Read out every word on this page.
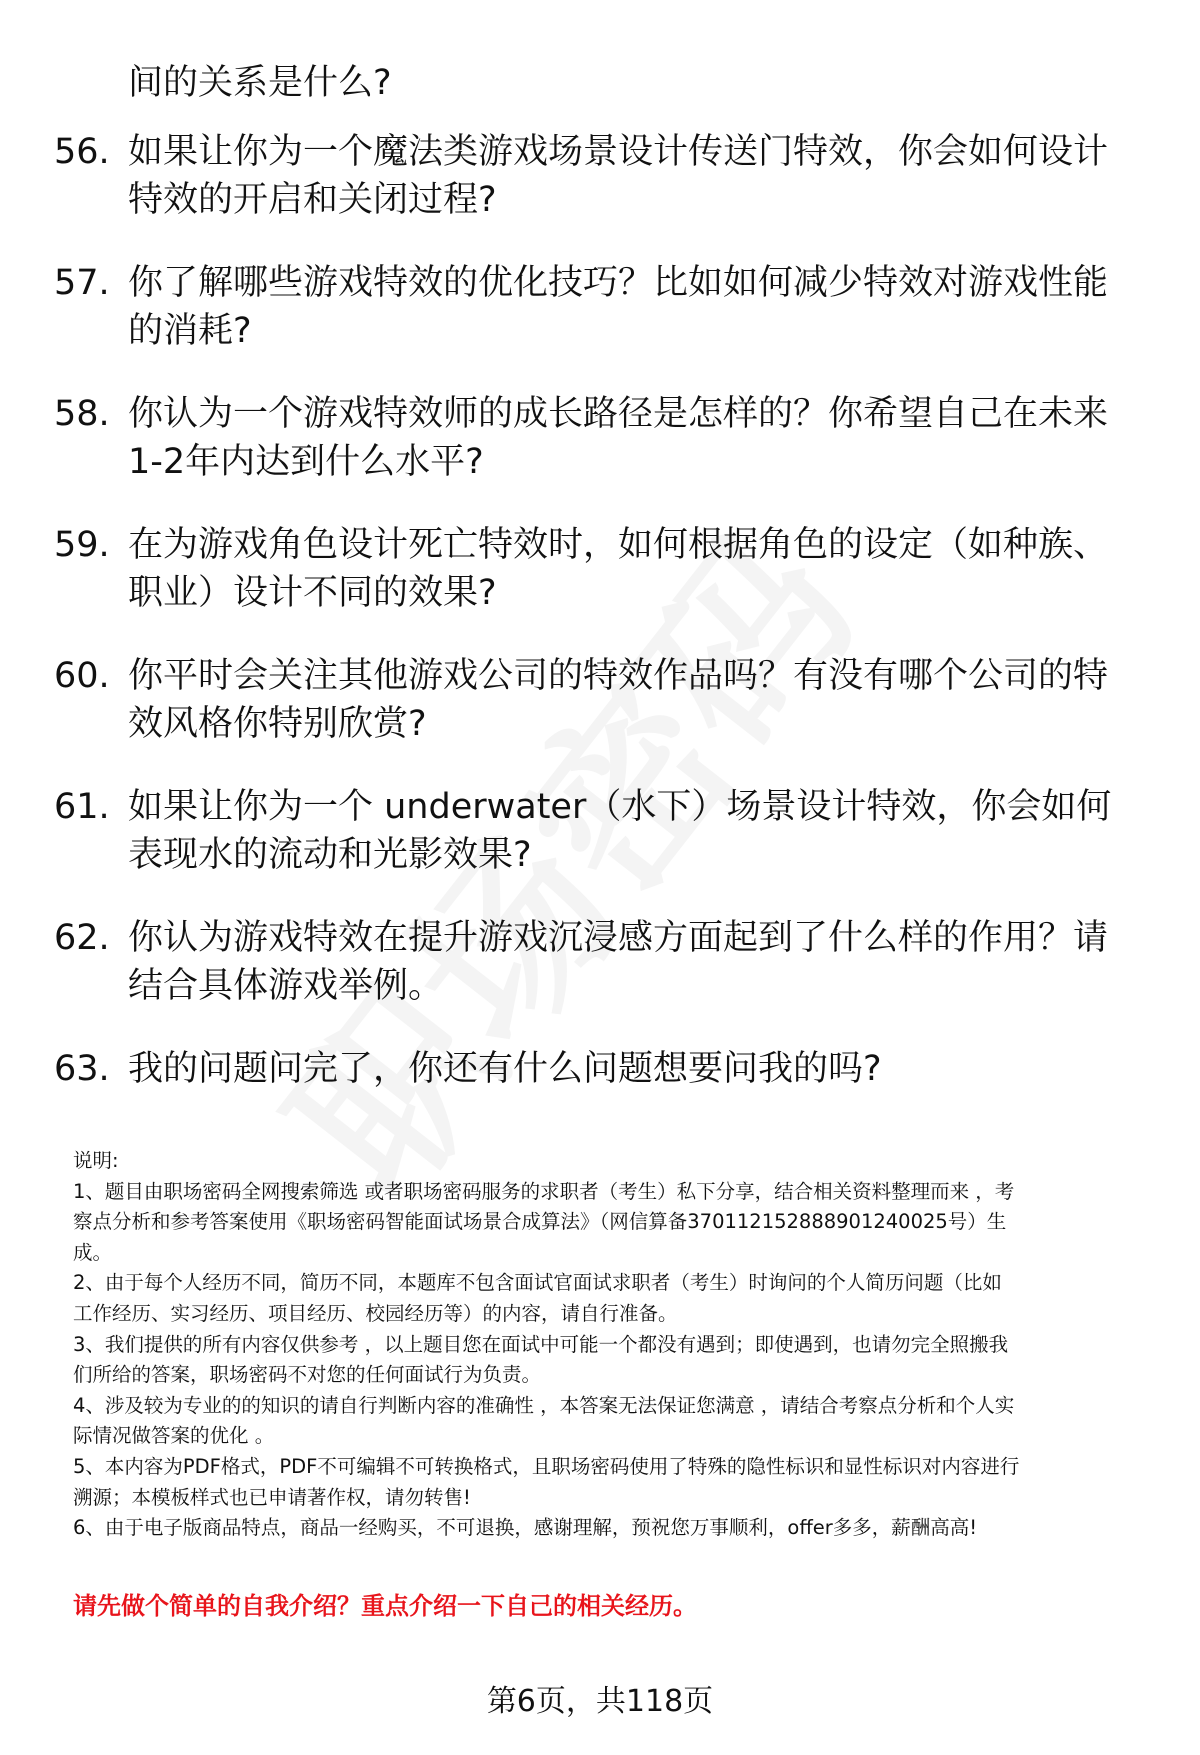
间的关系是什么?
56. 如果让你为一个魔法类游戏场景设计传送门特效，你会如何设计
特效的开启和关闭过程?
57. 你了解哪些游戏特效的优化技巧？比如如何减少特效对游戏性能
的消耗?
58. 你认为一个游戏特效师的成长路径是怎样的？你希望自己在未来
1-2年内达到什么水平?
59. 在为游戏角色设计死亡特效时，如何根据角色的设定（如种族、
职业）设计不同的效果?
60. 你平时会关注其他游戏公司的特效作品吗？有没有哪个公司的特
效风格你特别欣赏?
61. 如果让你为一个 underwater（水下）场景设计特效，你会如何
表现水的流动和光影效果?
62. 你认为游戏特效在提升游戏沉浸感方面起到了什么样的作用？请
结合具体游戏举例。
63. 我的问题问完了，你还有什么问题想要问我的吗?
说明:
1、题目由职场密码全网搜索筛选 或者职场密码服务的求职者（考生）私下分享，结合相关资料整理而来 ，考
察点分析和参考答案使用《职场密码智能面试场景合成算法》（网信算备370112152888901240025号）生
成。
2、由于每个人经历不同，简历不同，本题库不包含面试官面试求职者（考生）时询问的个人简历问题（比如
工作经历、实习经历、项目经历、校园经历等）的内容，请自行准备。
3、我们提供的所有内容仅供参考 ，以上题目您在面试中可能一个都没有遇到；即使遇到，也请勿完全照搬我
们所给的答案，职场密码不对您的任何面试行为负责。
4、涉及较为专业的的知识的请自行判断内容的准确性 ，本答案无法保证您满意 ，请结合考察点分析和个人实
际情况做答案的优化 。
5、本内容为PDF格式，PDF不可编辑不可转换格式，且职场密码使用了特殊的隐性标识和显性标识对内容进行
溯源；本模板样式也已申请著作权，请勿转售!
6、由于电子版商品特点，商品一经购买，不可退换，感谢理解，预祝您万事顺利，offer多多，薪酬高高!
请先做个简单的自我介绍？重点介绍一下自己的相关经历。
第6页，共118页
